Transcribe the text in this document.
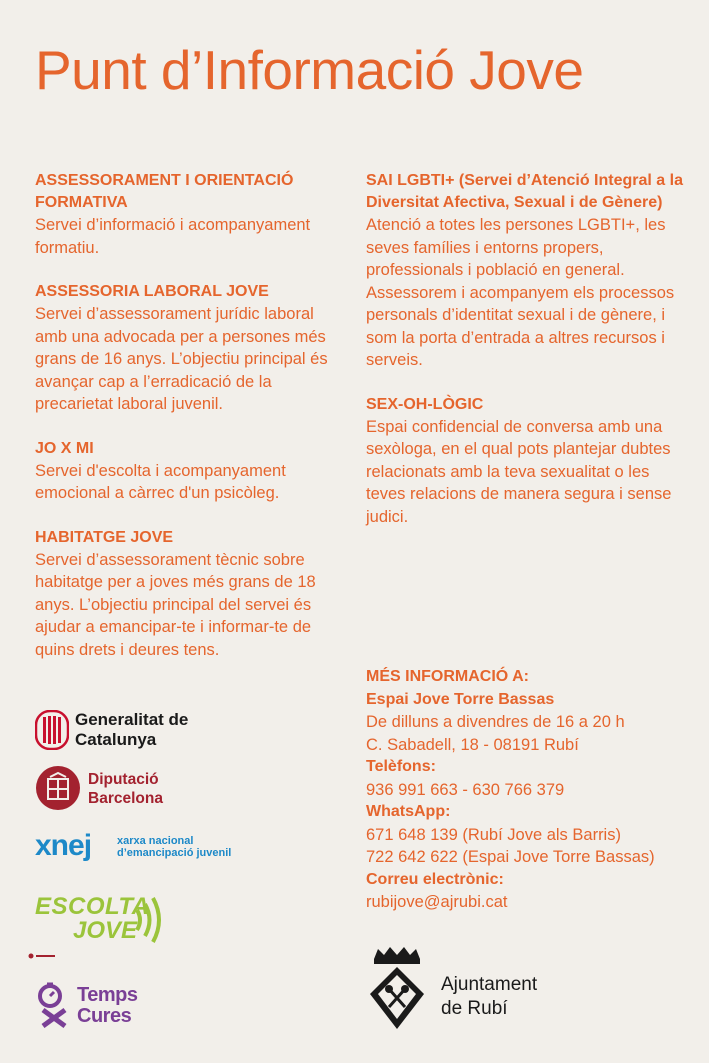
Punt d’Informació Jove
ASSESSORAMENT I ORIENTACIÓ FORMATIVA
Servei d’informació i acompanyament formatiu.
ASSESSORIA LABORAL JOVE
Servei d’assessorament jurídic laboral amb una advocada per a persones més grans de 16 anys. L’objectiu principal és avançar cap a l’erradicació de la precarietat laboral juvenil.
JO X MI
Servei d'escolta i acompanyament emocional a càrrec d'un psicòleg.
HABITATGE JOVE
Servei d’assessorament tècnic sobre habitatge per a joves més grans de 18 anys. L’objectiu principal del servei és ajudar a emancipar-te i informar-te de quins drets i deures tens.
SAI LGBTI+ (Servei d’Atenció Integral a la Diversitat Afectiva, Sexual i de Gènere)
Atenció a totes les persones LGBTI+, les seves famílies i entorns propers, professionals i població en general. Assessorem i acompanyem els processos personals d’identitat sexual i de gènere, i som la porta d’entrada a altres recursos i serveis.
SEX-OH-LÒGIC
Espai confidencial de conversa amb una sexòloga, en el qual pots plantejar dubtes relacionats amb la teva sexualitat o les teves relacions de manera segura i sense judici.
MÉS INFORMACIÓ A:
Espai Jove Torre Bassas
De dilluns a divendres de 16 a 20 h
C. Sabadell, 18 - 08191 Rubí
Telèfons:
936 991 663 - 630 766 379
WhatsApp:
671 648 139 (Rubí Jove als Barris)
722 642 622 (Espai Jove Torre Bassas)
Correu electrònic:
rubijove@ajrubi.cat
Generalitat de Catalunya
Diputació Barcelona
xnej xarxa nacional d’emancipació juvenil
ESCOLTA
JOVE
Temps Cures
Ajuntament de Rubí
